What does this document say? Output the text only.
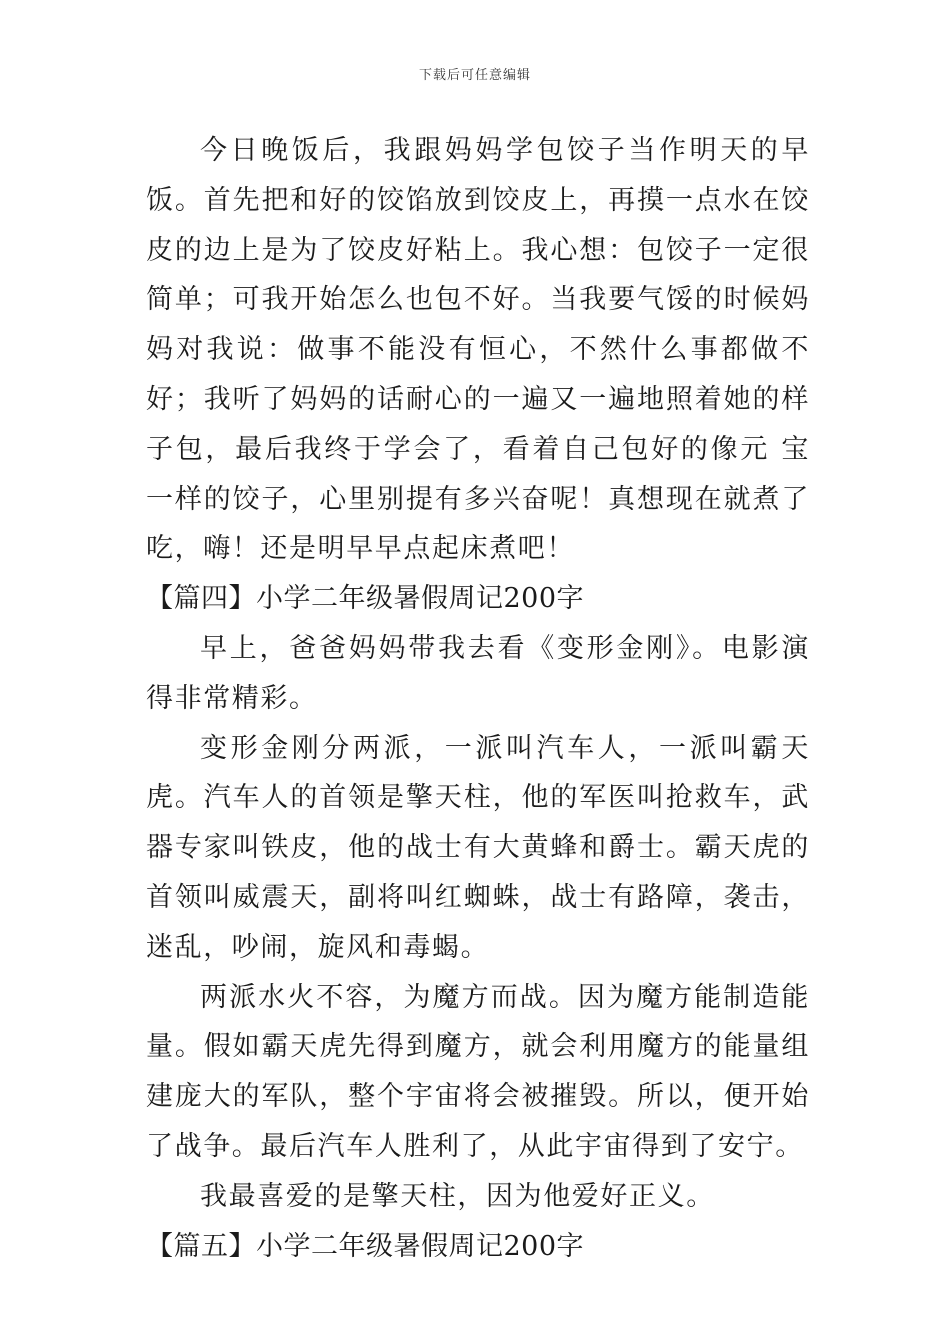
下载后可任意编辑

今日晚饭后，我跟妈妈学包饺子当作明天的早饭。首先把和好的饺馅放到饺皮上，再摸一点水在饺皮的边上是为了饺皮好粘上。我心想：包饺子一定很简单；可我开始怎么也包不好。当我要气馁的时候妈妈对我说：做事不能没有恒心，不然什么事都做不好；我听了妈妈的话耐心的一遍又一遍地照着她的样子包，最后我终于学会了，看着自己包好的像元 宝一样的饺子，心里别提有多兴奋呢！真想现在就煮了吃，嗨！还是明早早点起床煮吧！

【篇四】小学二年级暑假周记200字

早上，爸爸妈妈带我去看《变形金刚》。电影演得非常精彩。

变形金刚分两派，一派叫汽车人，一派叫霸天虎。汽车人的首领是擎天柱，他的军医叫抢救车，武器专家叫铁皮，他的战士有大黄蜂和爵士。霸天虎的首领叫威震天，副将叫红蜘蛛，战士有路障，袭击，迷乱，吵闹，旋风和毒蝎。

两派水火不容，为魔方而战。因为魔方能制造能量。假如霸天虎先得到魔方，就会利用魔方的能量组建庞大的军队，整个宇宙将会被摧毁。所以，便开始了战争。最后汽车人胜利了，从此宇宙得到了安宁。

我最喜爱的是擎天柱，因为他爱好正义。

【篇五】小学二年级暑假周记200字
